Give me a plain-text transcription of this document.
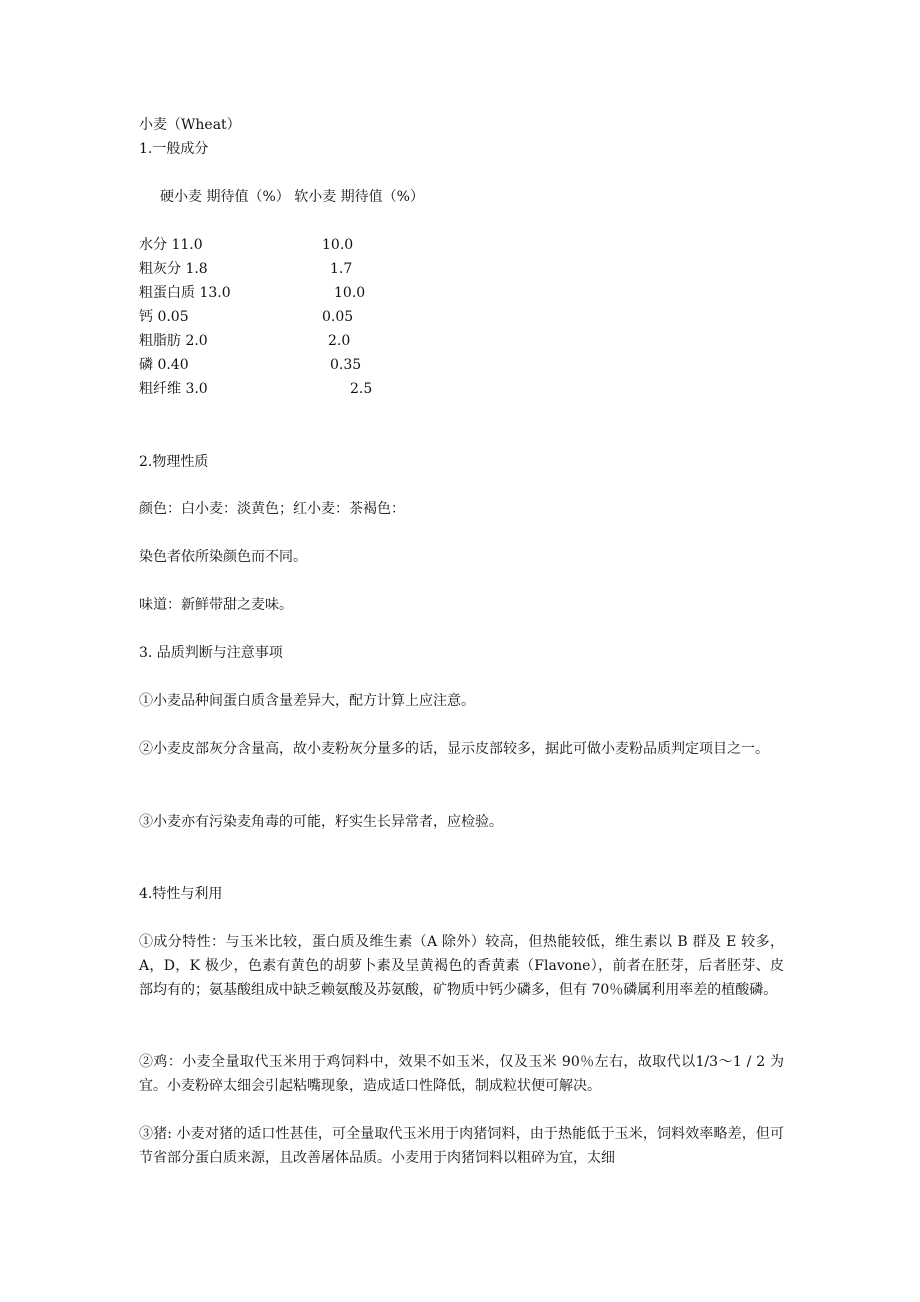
小麦（Wheat）
1.一般成分
硬小麦 期待值（%） 软小麦 期待值（%）
水分 11.0	10.0
粗灰分 1.8	1.7
粗蛋白质 13.0	10.0
钙 0.05	0.05
粗脂肪 2.0	2.0
磷 0.40	0.35
粗纤维 3.0	2.5
2.物理性质
颜色：白小麦：淡黄色；红小麦：茶褐色：
染色者依所染颜色而不同。
味道：新鲜带甜之麦味。
3. 品质判断与注意事项
①小麦品种间蛋白质含量差异大，配方计算上应注意。
②小麦皮部灰分含量高，故小麦粉灰分量多的话，显示皮部较多，据此可做小麦粉品质判定项目之一。
③小麦亦有污染麦角毒的可能，籽实生长异常者，应检验。
4.特性与利用
①成分特性：与玉米比较，蛋白质及维生素（A 除外）较高，但热能较低，维生素以 B 群及 E 较多，A，D，K 极少，色素有黄色的胡萝卜素及呈黄褐色的香黄素（Flavone），前者在胚芽，后者胚芽、皮部均有的；氨基酸组成中缺乏赖氨酸及苏氨酸，矿物质中钙少磷多，但有 70％磷属利用率差的植酸磷。
②鸡：小麦全量取代玉米用于鸡饲料中，效果不如玉米，仅及玉米 90％左右，故取代以1/3～1 / 2 为宜。小麦粉碎太细会引起粘嘴现象，造成适口性降低，制成粒状便可解决。
③猪: 小麦对猪的适口性甚佳，可全量取代玉米用于肉猪饲料，由于热能低于玉米，饲料效率略差，但可节省部分蛋白质来源，且改善屠体品质。小麦用于肉猪饲料以粗碎为宜，太细
